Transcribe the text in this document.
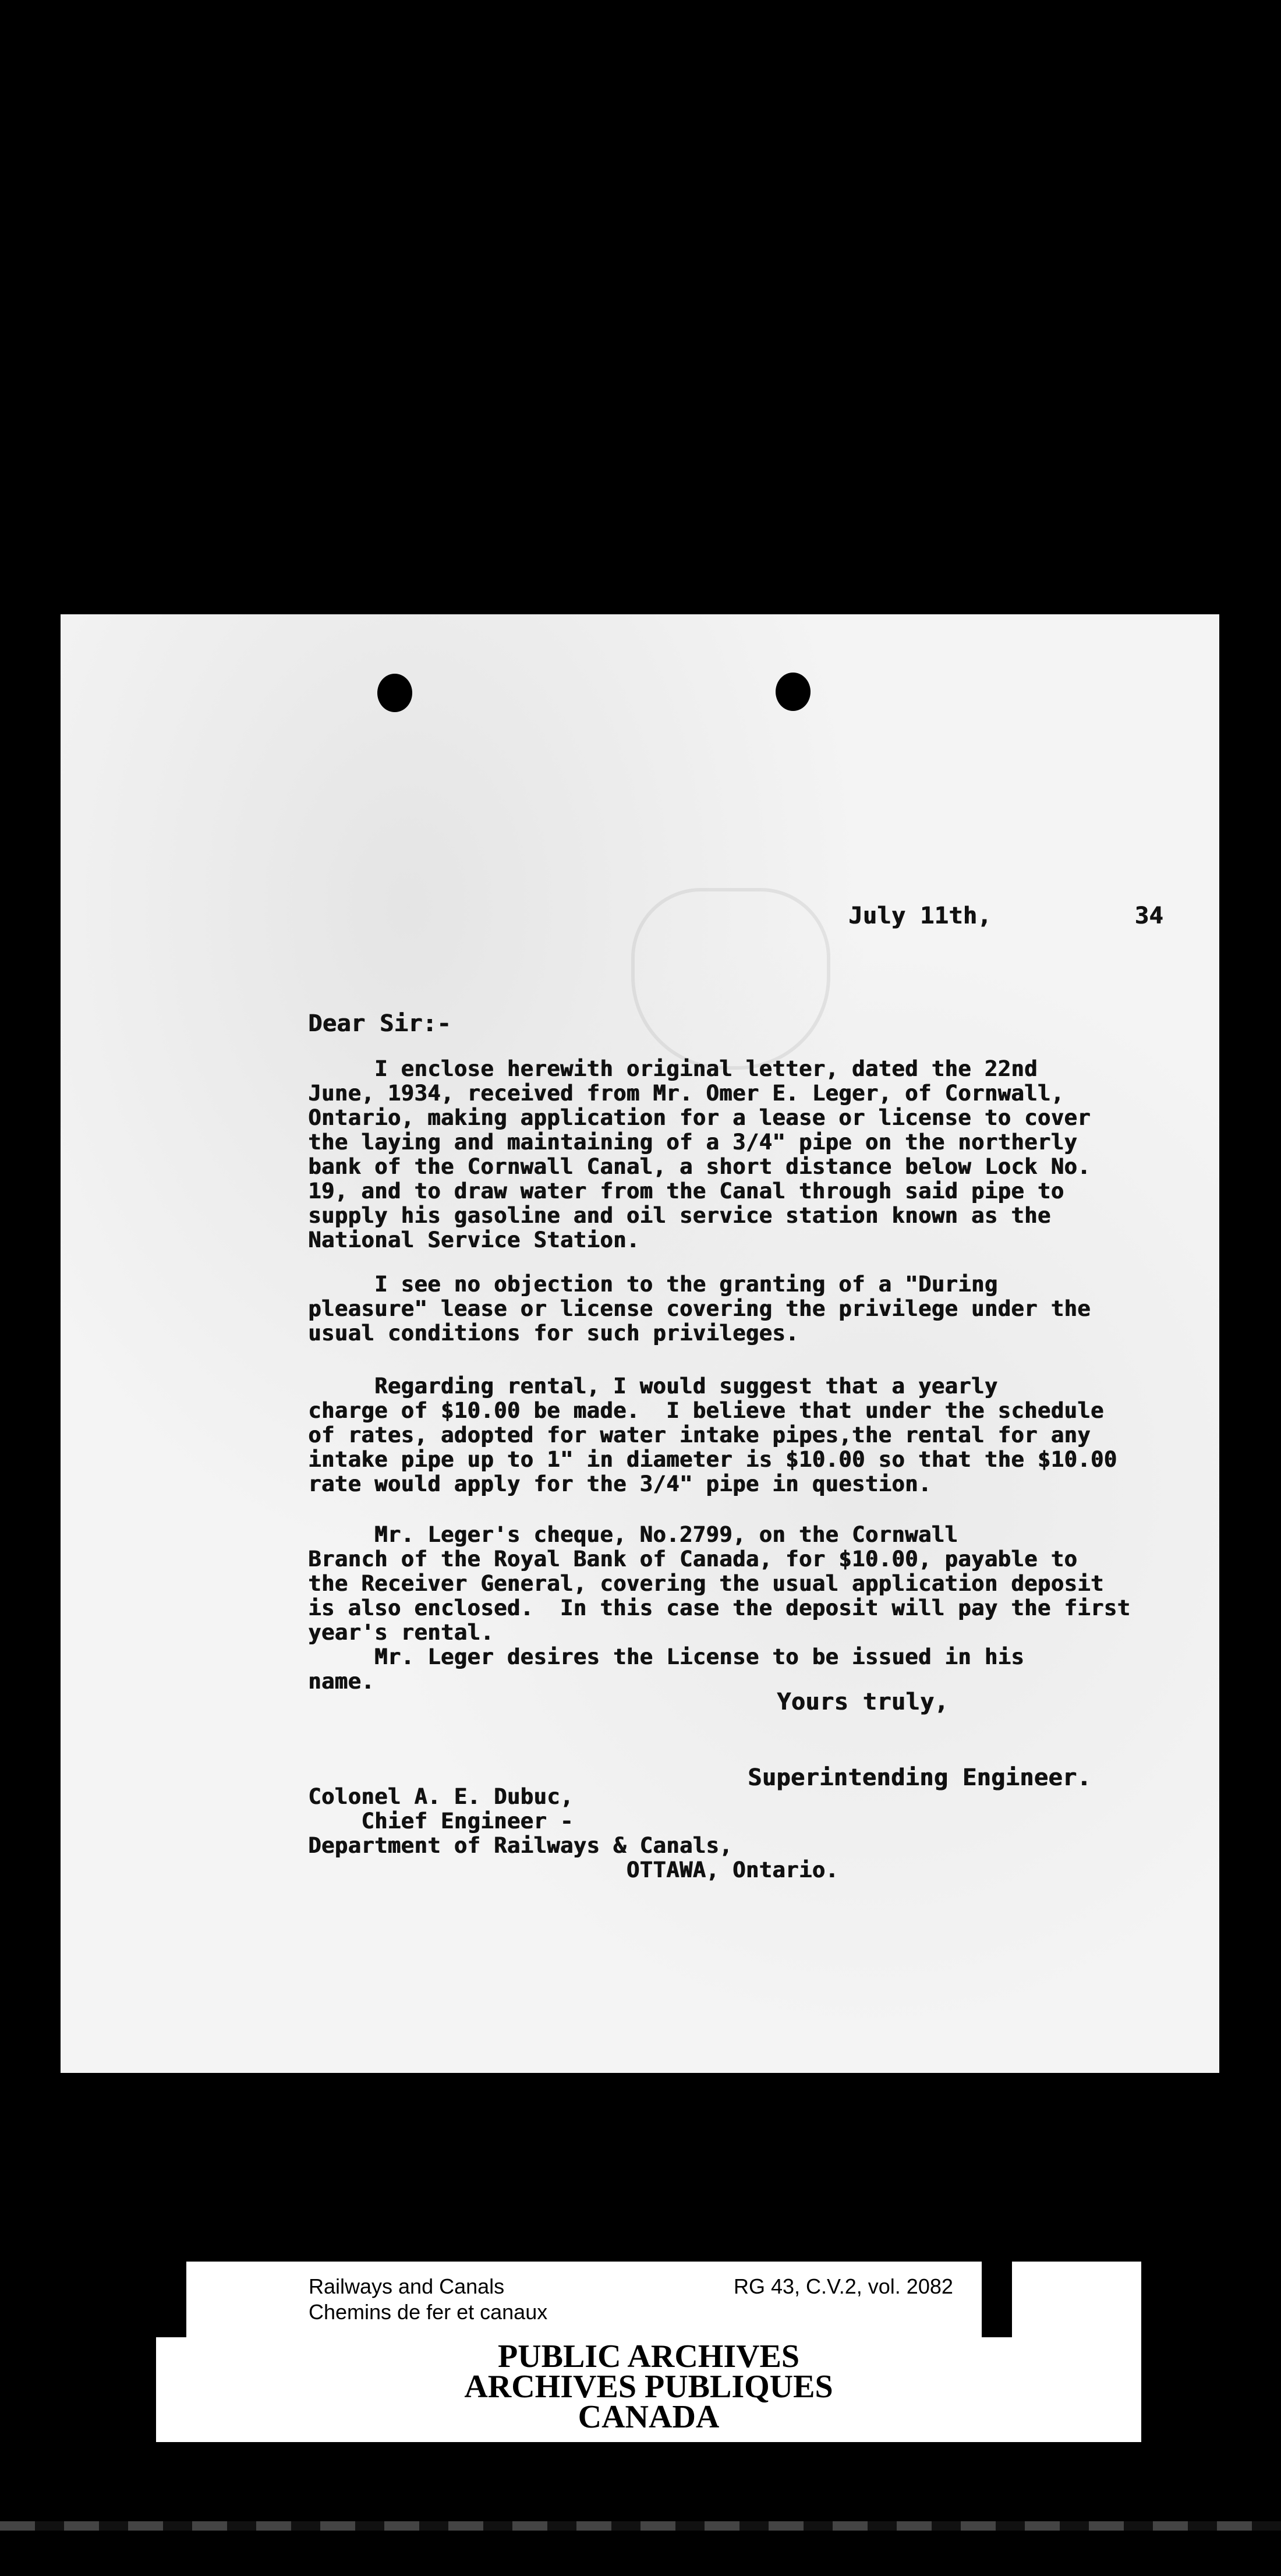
July 11th,          34
Dear Sir:-
I enclose herewith original letter, dated the 22nd
June, 1934, received from Mr. Omer E. Leger, of Cornwall,
Ontario, making application for a lease or license to cover
the laying and maintaining of a 3/4" pipe on the northerly
bank of the Cornwall Canal, a short distance below Lock No.
19, and to draw water from the Canal through said pipe to
supply his gasoline and oil service station known as the
National Service Station.
I see no objection to the granting of a "During
pleasure" lease or license covering the privilege under the
usual conditions for such privileges.
Regarding rental, I would suggest that a yearly
charge of $10.00 be made.  I believe that under the schedule
of rates, adopted for water intake pipes,the rental for any
intake pipe up to 1" in diameter is $10.00 so that the $10.00
rate would apply for the 3/4" pipe in question.
Mr. Leger's cheque, No.2799, on the Cornwall
Branch of the Royal Bank of Canada, for $10.00, payable to
the Receiver General, covering the usual application deposit
is also enclosed.  In this case the deposit will pay the first
year's rental.
Mr. Leger desires the License to be issued in his
name.
Yours truly,
Superintending Engineer.
Colonel A. E. Dubuc,
Chief Engineer -
Department of Railways & Canals,
OTTAWA, Ontario.
Railways and Canals
Chemins de fer et canaux
RG 43, C.V.2, vol. 2082
PUBLIC ARCHIVES
ARCHIVES PUBLIQUES
CANADA
